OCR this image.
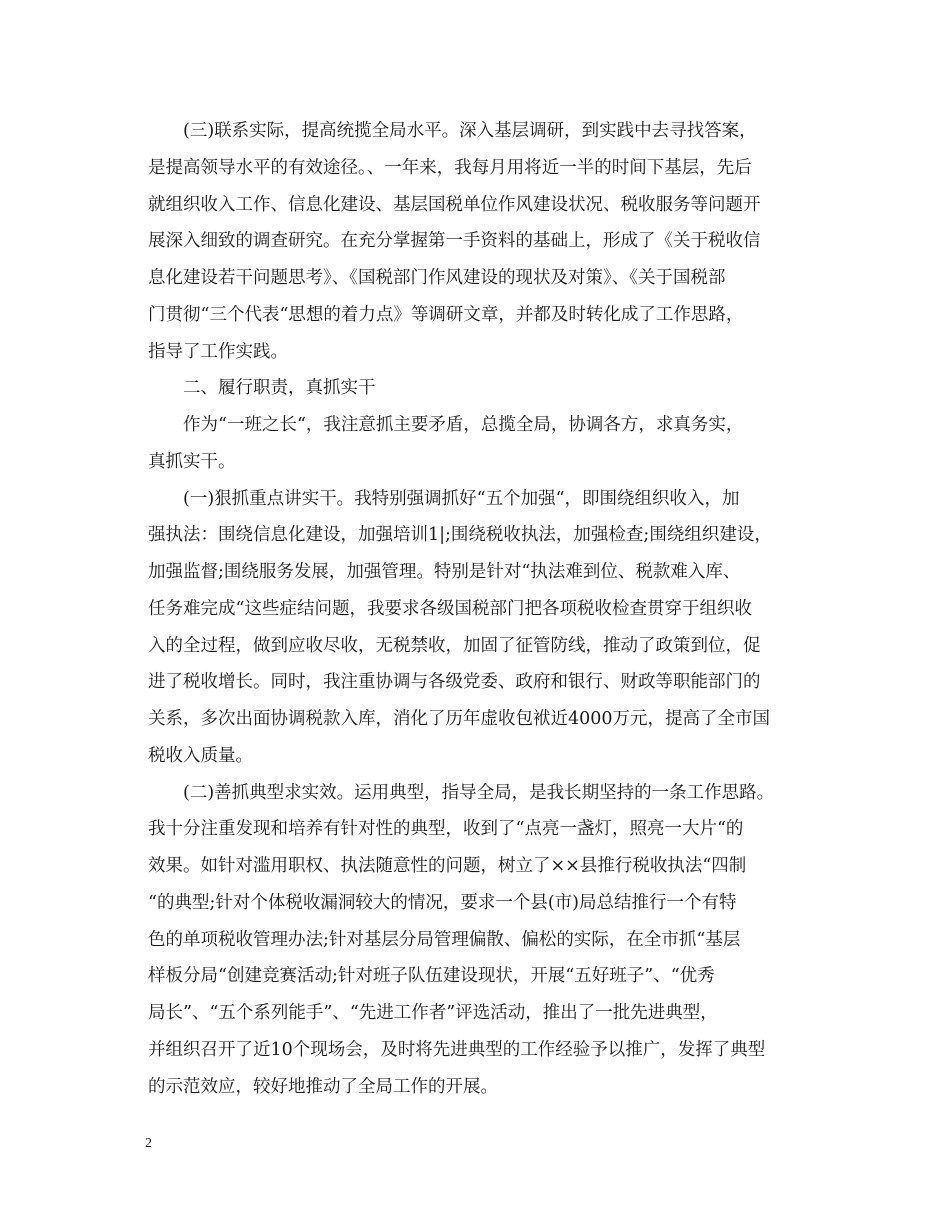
(三)联系实际，提高统揽全局水平。深入基层调研，到实践中去寻找答案，
是提高领导水平的有效途径。、一年来，我每月用将近一半的时间下基层，先后
就组织收入工作、信息化建设、基层国税单位作风建设状况、税收服务等问题开
展深入细致的调查研究。在充分掌握第一手资料的基础上，形成了《关于税收信
息化建设若干问题思考》、《国税部门作风建设的现状及对策》、《关于国税部
门贯彻“三个代表“思想的着力点》等调研文章，并都及时转化成了工作思路，
指导了工作实践。
二、履行职责，真抓实干
作为“一班之长“，我注意抓主要矛盾，总揽全局，协调各方，求真务实，
真抓实干。
(一)狠抓重点讲实干。我特别强调抓好“五个加强“，即围绕组织收入，加
强执法：围绕信息化建设，加强培训1|;围绕税收执法，加强检查;围绕组织建设，
加强监督;围绕服务发展，加强管理。特别是针对“执法难到位、税款难入库、
任务难完成“这些症结问题，我要求各级国税部门把各项税收检查贯穿于组织收
入的全过程，做到应收尽收，无税禁收，加固了征管防线，推动了政策到位，促
进了税收增长。同时，我注重协调与各级党委、政府和银行、财政等职能部门的
关系，多次出面协调税款入库，消化了历年虚收包袱近4000万元，提高了全市国
税收入质量。
(二)善抓典型求实效。运用典型，指导全局，是我长期坚持的一条工作思路。
我十分注重发现和培养有针对性的典型，收到了“点亮一盏灯，照亮一大片“的
效果。如针对滥用职权、执法随意性的问题，树立了××县推行税收执法“四制
“的典型;针对个体税收漏洞较大的情况，要求一个县(市)局总结推行一个有特
色的单项税收管理办法;针对基层分局管理偏散、偏松的实际，在全市抓“基层
样板分局“创建竞赛活动;针对班子队伍建设现状，开展“五好班子”、“优秀
局长”、“五个系列能手”、“先进工作者”评选活动，推出了一批先进典型，
并组织召开了近10个现场会，及时将先进典型的工作经验予以推广，发挥了典型
的示范效应，较好地推动了全局工作的开展。
2
